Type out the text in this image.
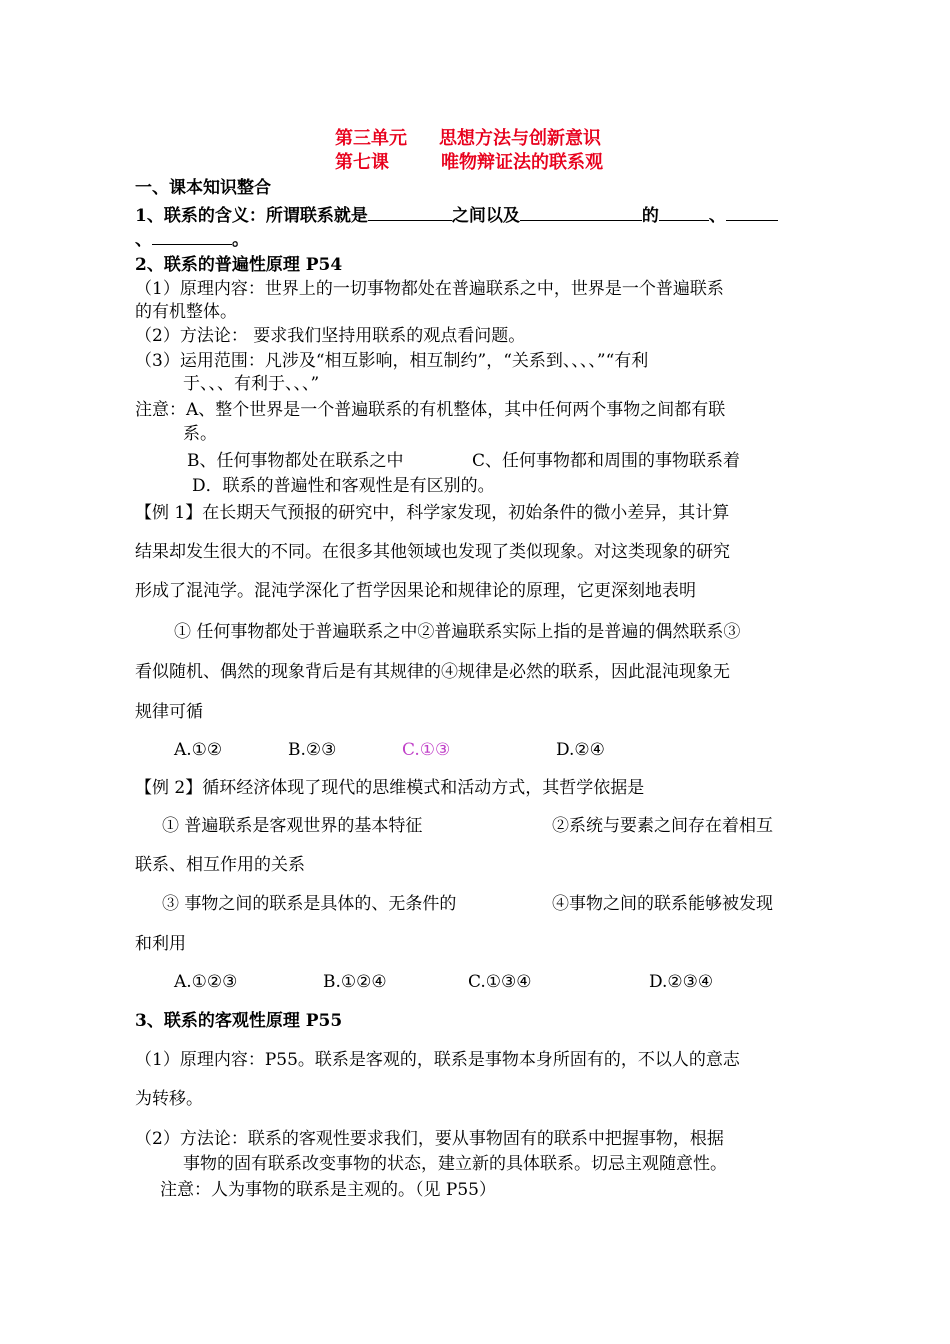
第三单元 思想方法与创新意识
第七课	唯物辩证法的联系观
一、课本知识整合
1、联系的含义：所谓联系就是	之间以及	的	、
、	。
2、联系的普遍性原理 P54
（1）原理内容：世界上的一切事物都处在普遍联系之中，世界是一个普遍联系
的有机整体。
（2）方法论： 要求我们坚持用联系的观点看问题。
（3）运用范围：凡涉及“相互影响，相互制约”，“关系到、、、、”“有利
于、、、有利于、、、”
注意：A、整个世界是一个普遍联系的有机整体，其中任何两个事物之间都有联
系。
B、任何事物都处在联系之中	C、任何事物都和周围的事物联系着
D．联系的普遍性和客观性是有区别的。
【例 1】在长期天气预报的研究中，科学家发现，初始条件的微小差异，其计算
结果却发生很大的不同。在很多其他领域也发现了类似现象。对这类现象的研究
形成了混沌学。混沌学深化了哲学因果论和规律论的原理，它更深刻地表明
① 任何事物都处于普遍联系之中②普遍联系实际上指的是普遍的偶然联系③
看似随机、偶然的现象背后是有其规律的④规律是必然的联系，因此混沌现象无
规律可循
A.①②	B.②③	C.①③	D.②④
【例 2】循环经济体现了现代的思维模式和活动方式，其哲学依据是
① 普遍联系是客观世界的基本特征	②系统与要素之间存在着相互
联系、相互作用的关系
③ 事物之间的联系是具体的、无条件的	④事物之间的联系能够被发现
和利用
A.①②③	B.①②④	C.①③④	D.②③④
3、联系的客观性原理 P55
（1）原理内容：P55。联系是客观的，联系是事物本身所固有的，不以人的意志
为转移。
（2）方法论：联系的客观性要求我们，要从事物固有的联系中把握事物，根据
事物的固有联系改变事物的状态，建立新的具体联系。切忌主观随意性。
注意：人为事物的联系是主观的。（见 P55）
